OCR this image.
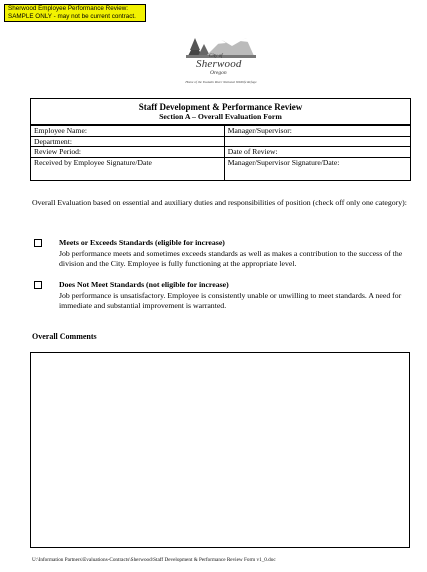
Sherwood Employee Performance Review:
SAMPLE ONLY - may not be current contract.
City of
Sherwood
Oregon
Home of the Tualatin River National Wildlife Refuge
Staff Development & Performance Review
Section A – Overall Evaluation Form	

Employee Name:	Manager/Supervisor:
Department:	
Review Period:	Date of Review:
Received by Employee Signature/Date	Manager/Supervisor Signature/Date:
Overall Evaluation based on essential and auxiliary duties and responsibilities of position (check off only one category):
Meets or Exceeds Standards (eligible for increase)
Job performance meets and sometimes exceeds standards as well as makes a contribution to the success of the division and the City. Employee is fully functioning at the appropriate level.
Does Not Meet Standards (not eligible for increase)
Job performance is unsatisfactory. Employee is consistently unable or unwilling to meet standards. A need for immediate and substantial improvement is warranted.
Overall Comments
U:\Information Partners\Evaluations-Contracts\Sherwood\Staff Development & Performance Review Form v1_0.doc
